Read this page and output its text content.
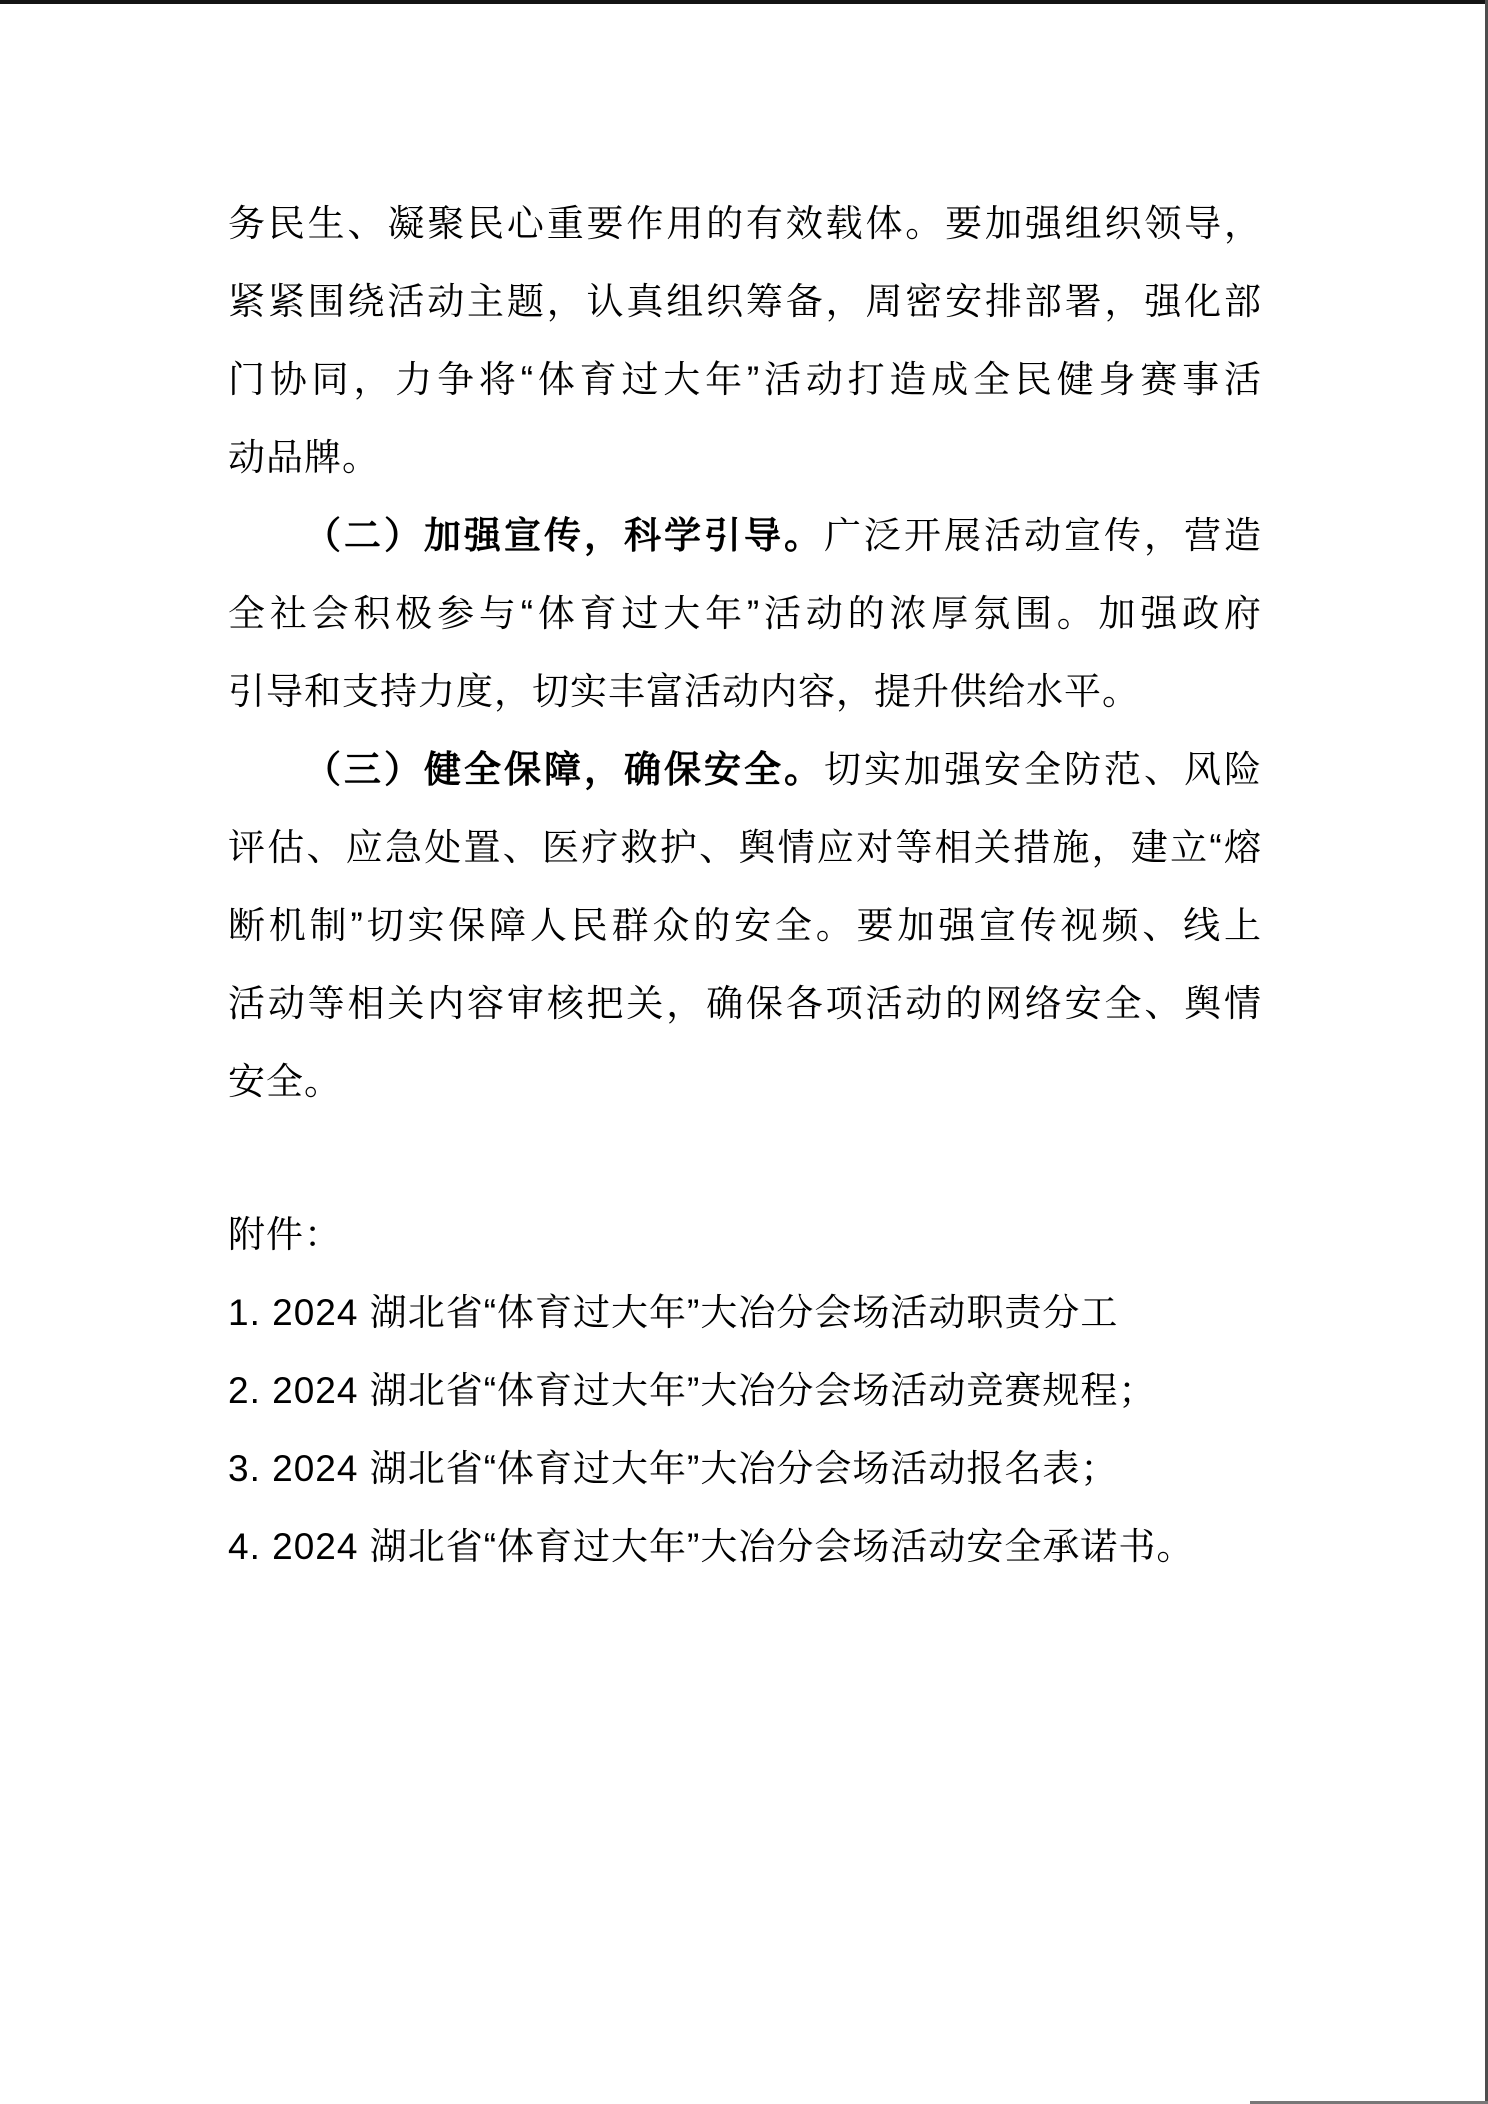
务民生、凝聚民心重要作用的有效载体。要加强组织领导，
紧紧围绕活动主题，认真组织筹备，周密安排部署，强化部
门协同，力争将“体育过大年”活动打造成全民健身赛事活
动品牌。
（二）加强宣传，科学引导。广泛开展活动宣传，营造
全社会积极参与“体育过大年”活动的浓厚氛围。加强政府
引导和支持力度，切实丰富活动内容，提升供给水平。
（三）健全保障，确保安全。切实加强安全防范、风险
评估、应急处置、医疗救护、舆情应对等相关措施，建立“熔
断机制”切实保障人民群众的安全。要加强宣传视频、线上
活动等相关内容审核把关，确保各项活动的网络安全、舆情
安全。
附件：
1. 2024 湖北省“体育过大年”大冶分会场活动职责分工
2. 2024 湖北省“体育过大年”大冶分会场活动竞赛规程；
3. 2024 湖北省“体育过大年”大冶分会场活动报名表；
4. 2024 湖北省“体育过大年”大冶分会场活动安全承诺书。
